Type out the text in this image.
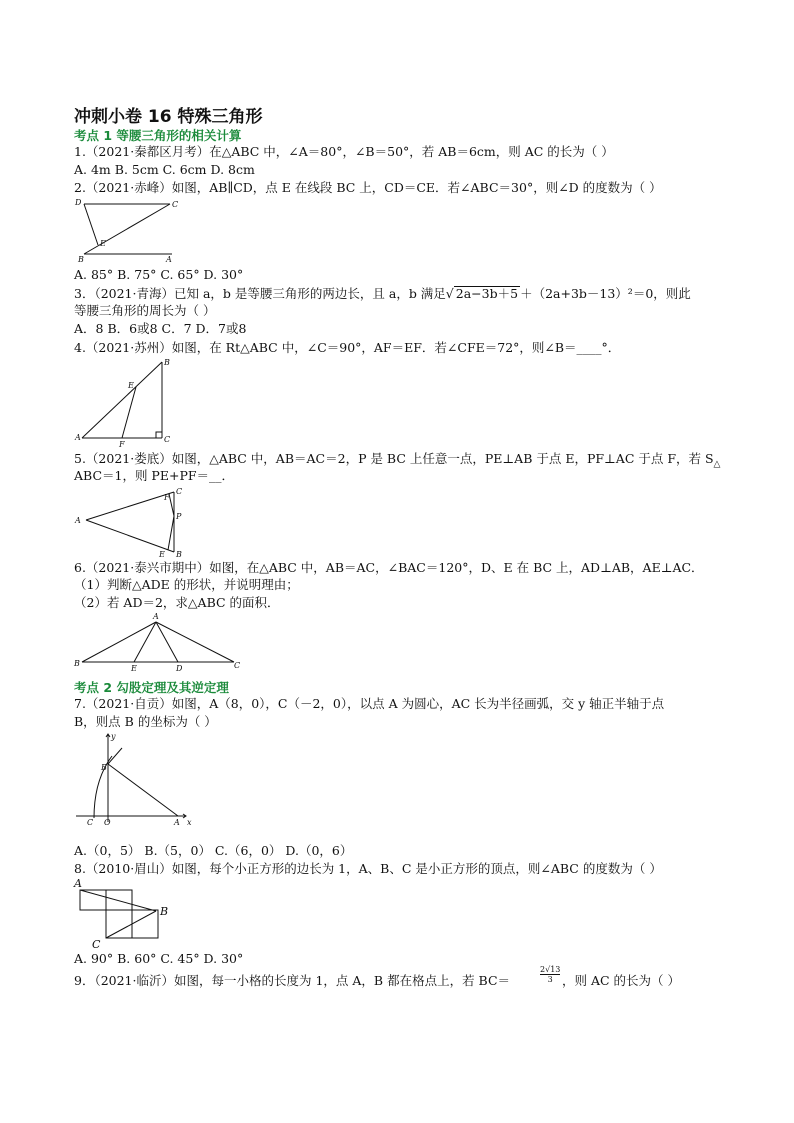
冲刺小卷 16 特殊三角形
考点 1 等腰三角形的相关计算
1.（2021·秦都区月考）在△ABC 中，∠A＝80°，∠B＝50°，若 AB＝6cm，则 AC 的长为（ ）
A. 4m B. 5cm C. 6cm D. 8cm
2.（2021·赤峰）如图，AB∥CD，点 E 在线段 BC 上，CD＝CE．若∠ABC＝30°，则∠D 的度数为（ ）
D	C
E
B	A
A. 85° B. 75° C. 65° D. 30°
3．（2021·青海）已知 a，b 是等腰三角形的两边长，且 a，b 满足√ 2a−3b＋5 ＋（2a+3b－13）²＝0，则此
等腰三角形的周长为（ ）
A．8 B．6或8 C．7 D．7或8
4.（2021·苏州）如图，在 Rt△ABC 中，∠C＝90°，AF＝EF．若∠CFE＝72°，则∠B＝____°．
B
E
A
F
C
5.（2021·娄底）如图，△ABC 中，AB＝AC＝2，P 是 BC 上任意一点，PE⊥AB 于点 E，PF⊥AC 于点 F，若 $S_\triangle$
ABC＝1，则 PE+PF＝__．
A
C
F
P
E B
6.（2021·泰兴市期中）如图，在△ABC 中，AB＝AC，∠BAC＝120°，D、E 在 BC 上，AD⊥AB，AE⊥AC．
（1）判断△ADE 的形状，并说明理由；
（2）若 AD＝2，求△ABC 的面积．
A
B
E	D	C
考点 2 勾股定理及其逆定理
7.（2021·自贡）如图，A（8，0），C（－2，0），以点 A 为圆心，AC 长为半径画弧，交 y 轴正半轴于点
B，则点 B 的坐标为（ ）
y
B
C O	A x
A.（0，5） B.（5，0） C.（6，0） D.（0，6）
8.（2010·眉山）如图，每个小正方形的边长为 1，A、B、C 是小正方形的顶点，则∠ABC 的度数为（ ）
A
B
C
A. 90° B. 60° C. 45° D. 30°
9．（2021·临沂）如图，每一小格的长度为 1，点 A，B 都在格点上，若 BC＝	$\frac{2√13}{3}$ ，则 AC 的长为（ ）
